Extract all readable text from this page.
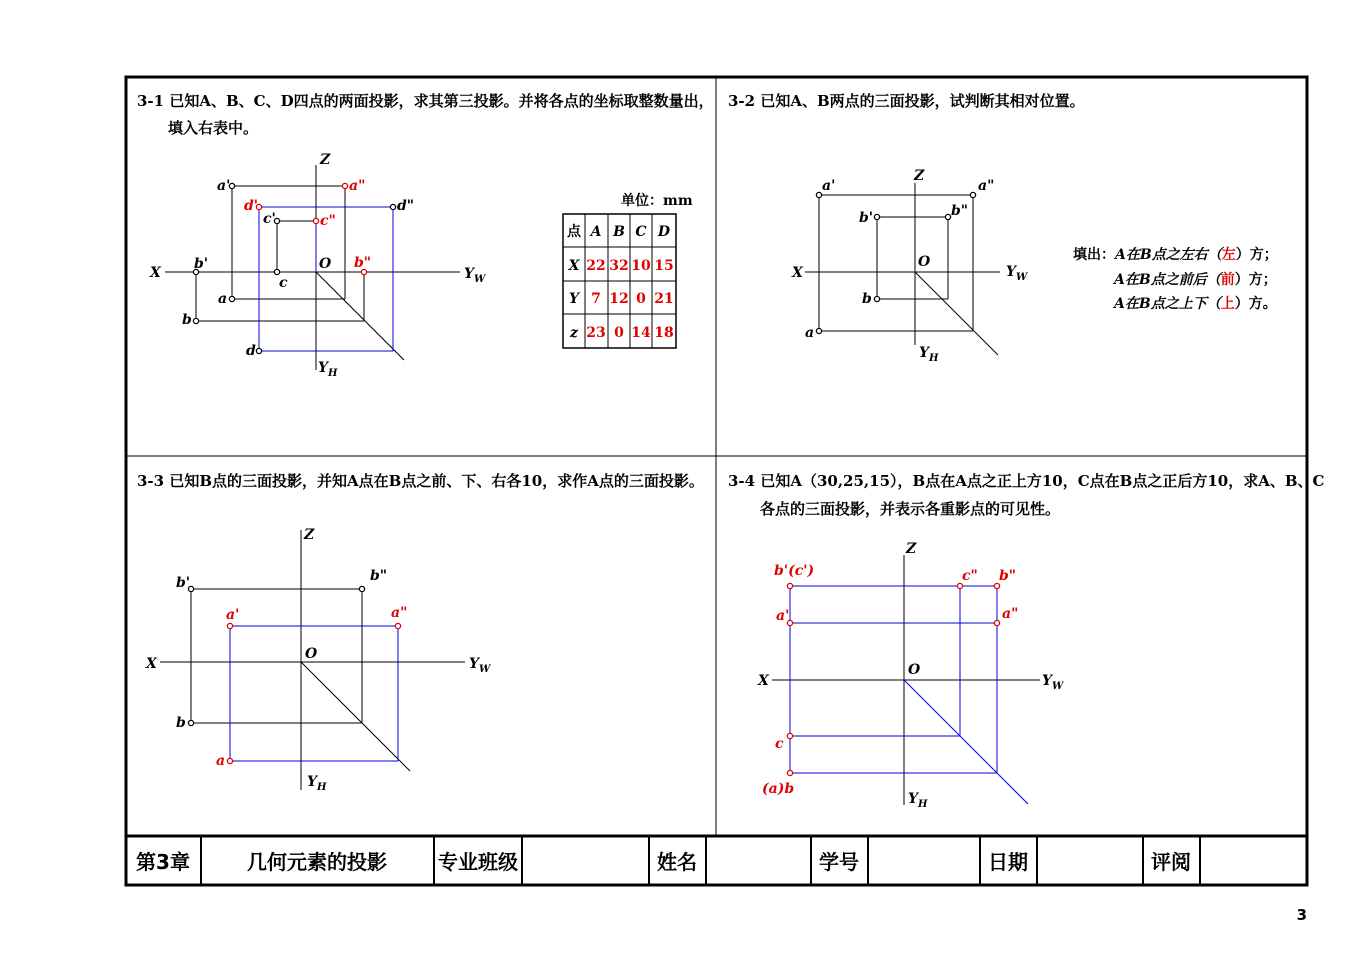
3-1 已知A、B、C、D四点的两面投影，求其第三投影。并将各点的坐标取整数量出，
填入右表中。
Z
X
O
$Y_W$
$Y_H$
a'	a"
d'	d"
c'	c"
b'	b"
c
a
b
d
单位：mm
点 A B C D
X 22 32 10 15
Y 7 12 0 21
z 23 0 14 18
3-2 已知A、B两点的三面投影，试判断其相对位置。
Z
X
O
$Y_W$
$Y_H$
a'	a"
b'	b"
b
a
填出：A在B点之左右（左）方；
A在B点之前后（前）方；
A在B点之上下（上）方。
3-3 已知B点的三面投影，并知A点在B点之前、下、右各10，求作A点的三面投影。
Z
X
O
$Y_W$
$Y_H$
b'	b"
a'	a"
b
a
3-4 已知A（30,25,15），B点在A点之正上方10，C点在B点之正后方10，求A、B、C
各点的三面投影，并表示各重影点的可见性。
Z
X
O
$Y_W$
$Y_H$
b'(c')	c" b"
a'	a"
c
(a)b
第3章	几何元素的投影	专业班级	姓名	学号	日期	评阅
3
